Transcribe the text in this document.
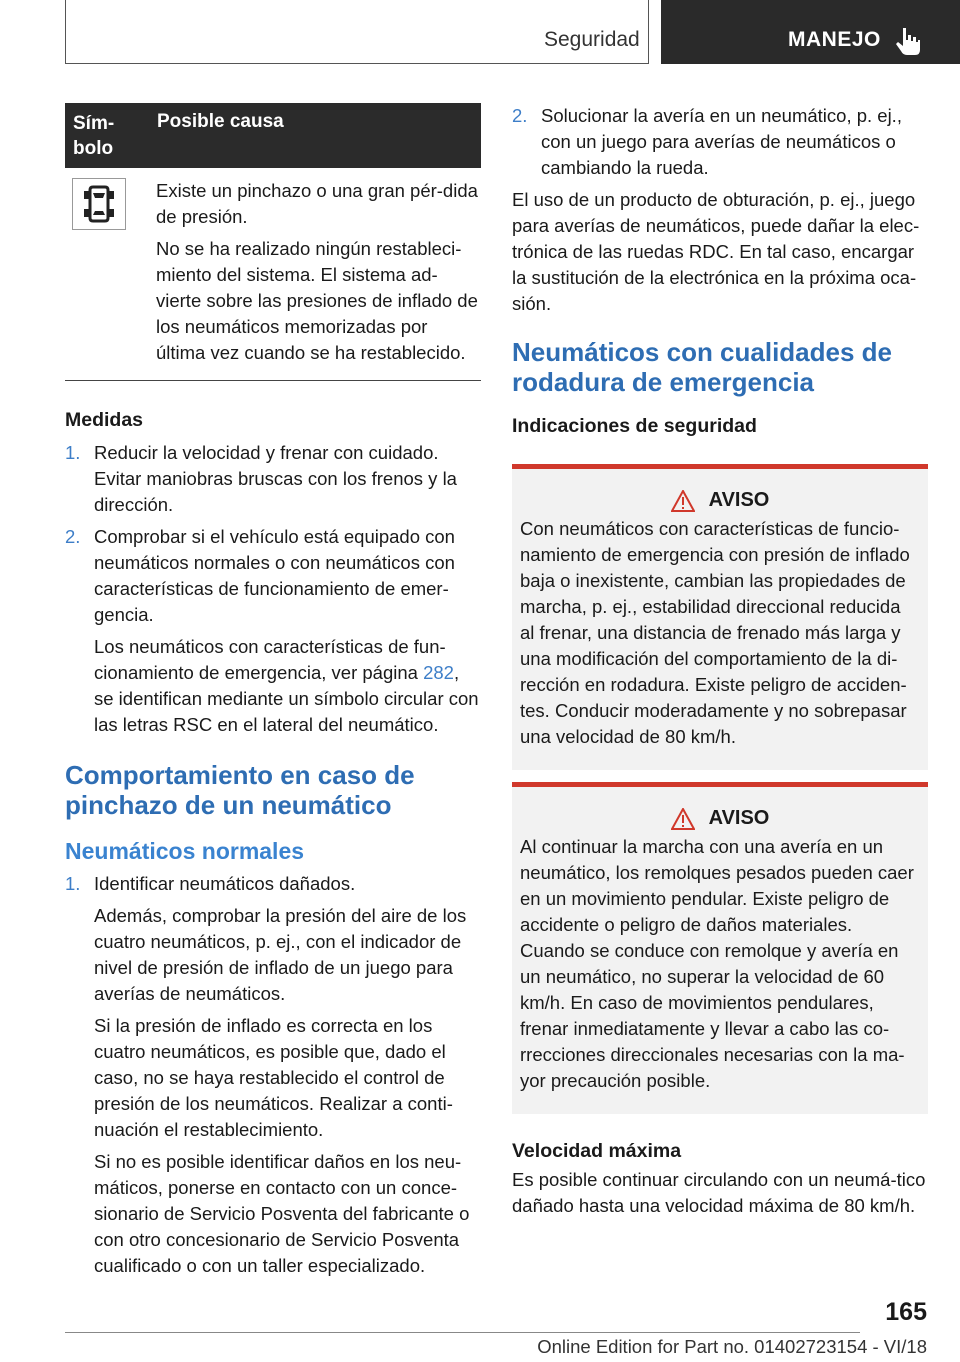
Seguridad	MANEJO
Sím-
bolo
Posible causa

Existe un pinchazo o una gran pér-dida de presión.

No se ha realizado ningún restableci-miento del sistema. El sistema ad-vierte sobre las presiones de inflado de los neumáticos memorizadas por última vez cuando se ha restablecido.

Medidas

1. Reducir la velocidad y frenar con cuidado. Evitar maniobras bruscas con los frenos y la dirección.
2. Comprobar si el vehículo está equipado con neumáticos normales o con neumáticos con características de funcionamiento de emer-gencia.
Los neumáticos con características de fun-cionamiento de emergencia, ver página 282, se identifican mediante un símbolo circular con las letras RSC en el lateral del neumático.

Comportamiento en caso de pinchazo de un neumático

Neumáticos normales

1. Identificar neumáticos dañados.
Además, comprobar la presión del aire de los cuatro neumáticos, p. ej., con el indicador de nivel de presión de inflado de un juego para averías de neumáticos.
Si la presión de inflado es correcta en los cuatro neumáticos, es posible que, dado el caso, no se haya restablecido el control de presión de los neumáticos. Realizar a conti-nuación el restablecimiento.
Si no es posible identificar daños en los neu-máticos, ponerse en contacto con un conce-sionario de Servicio Posventa del fabricante o con otro concesionario de Servicio Posventa cualificado o con un taller especializado.
2. Solucionar la avería en un neumático, p. ej., con un juego para averías de neumáticos o cambiando la rueda.

El uso de un producto de obturación, p. ej., juego para averías de neumáticos, puede dañar la elec-trónica de las ruedas RDC. En tal caso, encargar la sustitución de la electrónica en la próxima oca-sión.

Neumáticos con cualidades de rodadura de emergencia

Indicaciones de seguridad

AVISO
Con neumáticos con características de funcio-namiento de emergencia con presión de inflado baja o inexistente, cambian las propiedades de marcha, p. ej., estabilidad direccional reducida al frenar, una distancia de frenado más larga y una modificación del comportamiento de la di-rección en rodadura. Existe peligro de acciden-tes. Conducir moderadamente y no sobrepasar una velocidad de 80 km/h.
AVISO
Al continuar la marcha con una avería en un neumático, los remolques pesados pueden caer en un movimiento pendular. Existe peligro de accidente o peligro de daños materiales. Cuando se conduce con remolque y avería en un neumático, no superar la velocidad de 60 km/h. En caso de movimientos pendulares, frenar inmediatamente y llevar a cabo las co-rrecciones direccionales necesarias con la ma-yor precaución posible.

Velocidad máxima

Es posible continuar circulando con un neumá-tico dañado hasta una velocidad máxima de 80 km/h.

165
Online Edition for Part no. 01402723154 - VI/18
